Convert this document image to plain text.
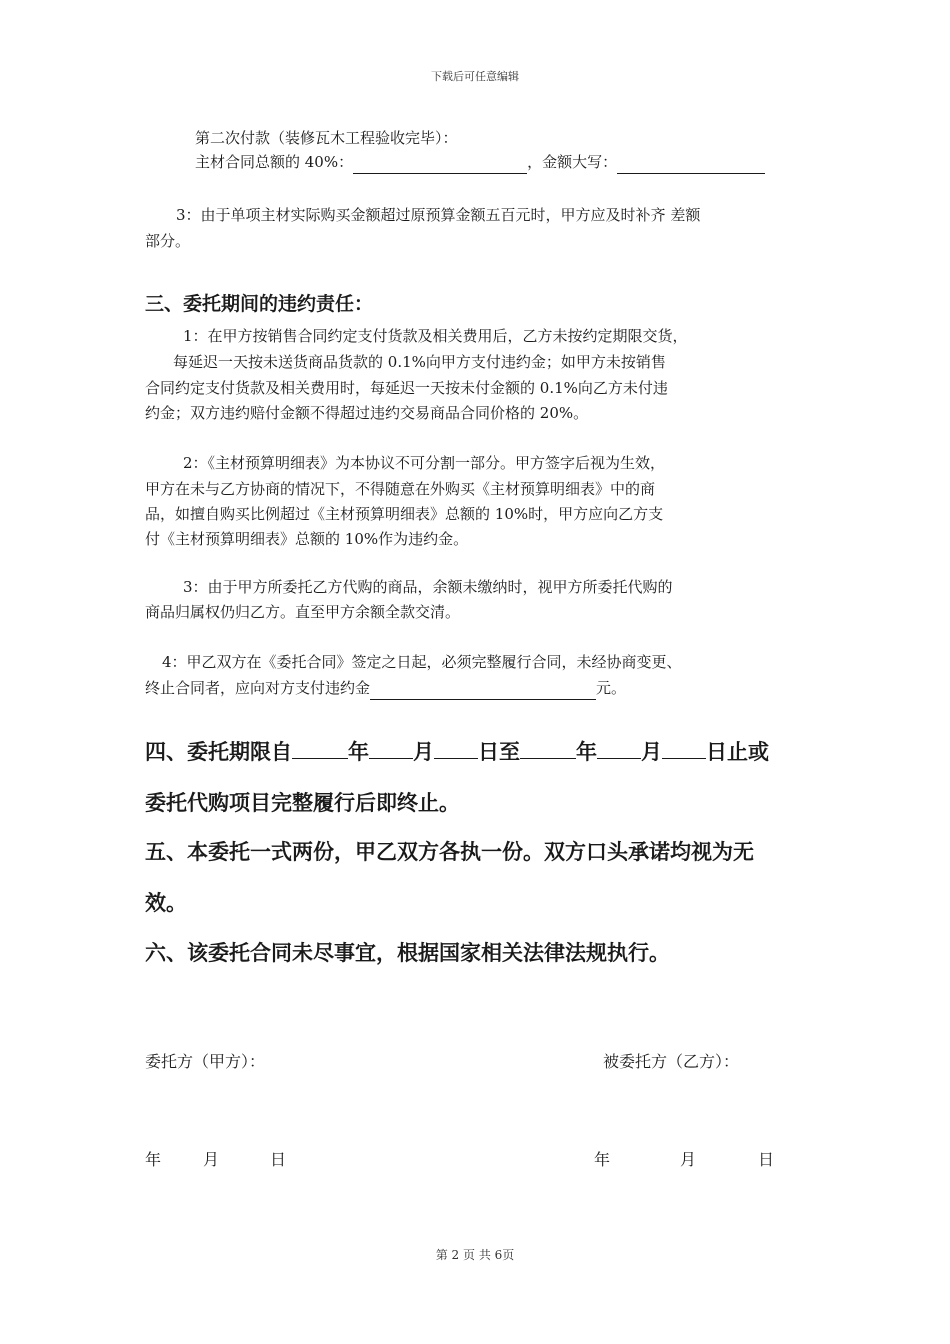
下载后可任意编辑
第二次付款（装修瓦木工程验收完毕）：
主材合同总额的 40%：	，金额大写：
3：由于单项主材实际购买金额超过原预算金额五百元时，甲方应及时补齐 差额
部分。
三、委托期间的违约责任：
1：在甲方按销售合同约定支付货款及相关费用后，乙方未按约定期限交货，
每延迟一天按未送货商品货款的 0.1%向甲方支付违约金；如甲方未按销售
合同约定支付货款及相关费用时，每延迟一天按未付金额的 0.1%向乙方未付违
约金；双方违约赔付金额不得超过违约交易商品合同价格的 20%。
2：《主材预算明细表》为本协议不可分割一部分。甲方签字后视为生效，
甲方在未与乙方协商的情况下，不得随意在外购买《主材预算明细表》中的商
品，如擅自购买比例超过《主材预算明细表》总额的 10%时，甲方应向乙方支
付《主材预算明细表》总额的 10%作为违约金。
3：由于甲方所委托乙方代购的商品，余额未缴纳时，视甲方所委托代购的
商品归属权仍归乙方。直至甲方余额全款交清。
4：甲乙双方在《委托合同》签定之日起，必须完整履行合同，未经协商变更、
终止合同者，应向对方支付违约金	元。
四、委托期限自	年 月 日至	年 月 日止或
委托代购项目完整履行后即终止。
五、本委托一式两份，甲乙双方各执一份。双方口头承诺均视为无
效。
六、该委托合同未尽事宜，根据国家相关法律法规执行。
委托方（甲方）：	被委托方（乙方）：
年	月	日	年	月	日
第 2 页 共 6页
